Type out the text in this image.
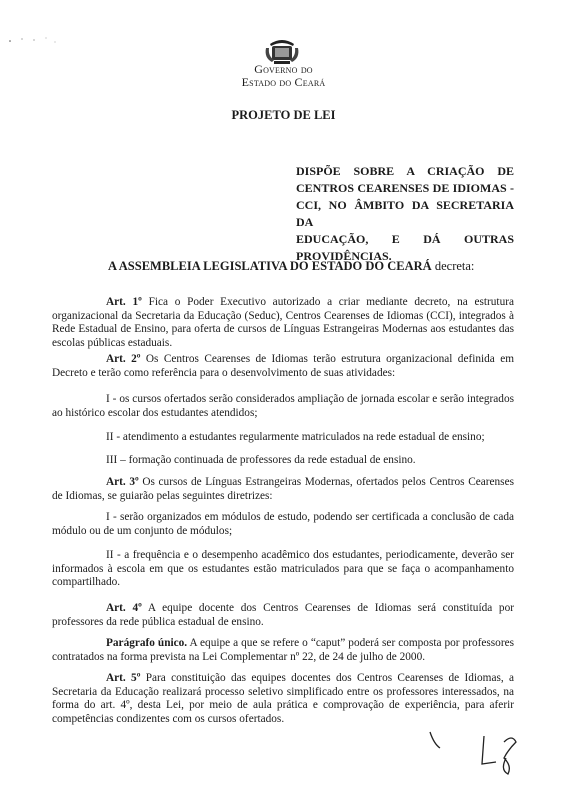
Governo do
Estado do Ceará
PROJETO DE LEI
DISPÕE SOBRE A CRIAÇÃO DE
CENTROS CEARENSES DE IDIOMAS -
CCI, NO ÂMBITO DA SECRETARIA DA
EDUCAÇÃO, E DÁ OUTRAS
PROVIDÊNCIAS.
A ASSEMBLEIA LEGISLATIVA DO ESTADO DO CEARÁ decreta:

Art. 1º Fica o Poder Executivo autorizado a criar mediante decreto, na estrutura organizacional da Secretaria da Educação (Seduc), Centros Cearenses de Idiomas (CCI), integrados à Rede Estadual de Ensino, para oferta de cursos de Línguas Estrangeiras Modernas aos estudantes das escolas públicas estaduais.

Art. 2º Os Centros Cearenses de Idiomas terão estrutura organizacional definida em Decreto e terão como referência para o desenvolvimento de suas atividades:

I - os cursos ofertados serão considerados ampliação de jornada escolar e serão integrados ao histórico escolar dos estudantes atendidos;

II - atendimento a estudantes regularmente matriculados na rede estadual de ensino;

III – formação continuada de professores da rede estadual de ensino.

Art. 3º Os cursos de Línguas Estrangeiras Modernas, ofertados pelos Centros Cearenses de Idiomas, se guiarão pelas seguintes diretrizes:

I - serão organizados em módulos de estudo, podendo ser certificada a conclusão de cada módulo ou de um conjunto de módulos;

II - a frequência e o desempenho acadêmico dos estudantes, periodicamente, deverão ser informados à escola em que os estudantes estão matriculados para que se faça o acompanhamento compartilhado.

Art. 4º A equipe docente dos Centros Cearenses de Idiomas será constituída por professores da rede pública estadual de ensino.

Parágrafo único. A equipe a que se refere o “caput” poderá ser composta por professores contratados na forma prevista na Lei Complementar nº 22, de 24 de julho de 2000.

Art. 5º Para constituição das equipes docentes dos Centros Cearenses de Idiomas, a Secretaria da Educação realizará processo seletivo simplificado entre os professores interessados, na forma do art. 4º, desta Lei, por meio de aula prática e comprovação de experiência, para aferir competências condizentes com os cursos ofertados.
